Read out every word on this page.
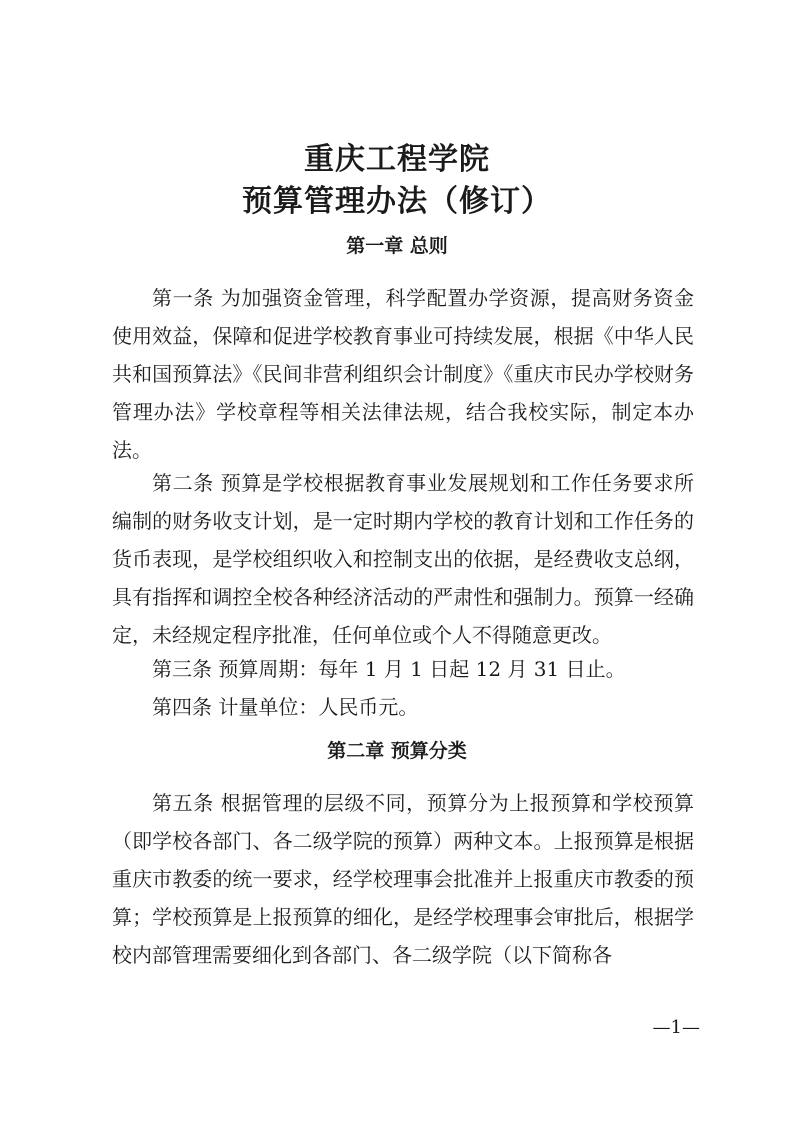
重庆工程学院
预算管理办法（修订）
第一章 总则

第一条 为加强资金管理，科学配置办学资源，提高财务资金使用效益，保障和促进学校教育事业可持续发展，根据《中华人民共和国预算法》《民间非营利组织会计制度》《重庆市民办学校财务管理办法》学校章程等相关法律法规，结合我校实际，制定本办法。

第二条 预算是学校根据教育事业发展规划和工作任务要求所编制的财务收支计划，是一定时期内学校的教育计划和工作任务的货币表现，是学校组织收入和控制支出的依据，是经费收支总纲，具有指挥和调控全校各种经济活动的严肃性和强制力。预算一经确定，未经规定程序批准，任何单位或个人不得随意更改。

第三条 预算周期：每年 1 月 1 日起 12 月 31 日止。

第四条 计量单位：人民币元。

第二章 预算分类

第五条 根据管理的层级不同，预算分为上报预算和学校预算（即学校各部门、各二级学院的预算）两种文本。上报预算是根据重庆市教委的统一要求，经学校理事会批准并上报重庆市教委的预算；学校预算是上报预算的细化，是经学校理事会审批后，根据学校内部管理需要细化到各部门、各二级学院（以下简称各

—1—
